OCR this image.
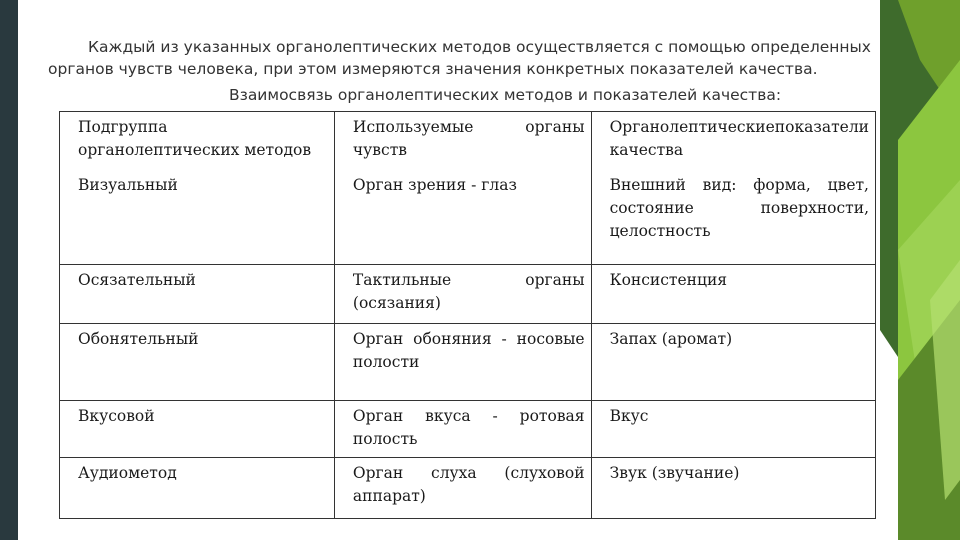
Каждый из указанных органолептических методов осуществляется с помощью определенных органов чувств человека, при этом измеряются значения конкретных показателей качества.
Взаимосвязь органолептических методов и показателей качества:
Подгруппа органолептических методов	Используемые органы чувств	Органолептическиепоказатели качества
Визуальный	Орган зрения - глаз	Внешний вид: форма, цвет, состояние поверхности, целостность
Осязательный	Тактильные органы (осязания)	Консистенция
Обонятельный	Орган обоняния - носовые полости	Запах (аромат)
Вкусовой	Орган вкуса - ротовая полость	Вкус
Аудиометод	Орган слуха (слуховой аппарат)	Звук (звучание)
